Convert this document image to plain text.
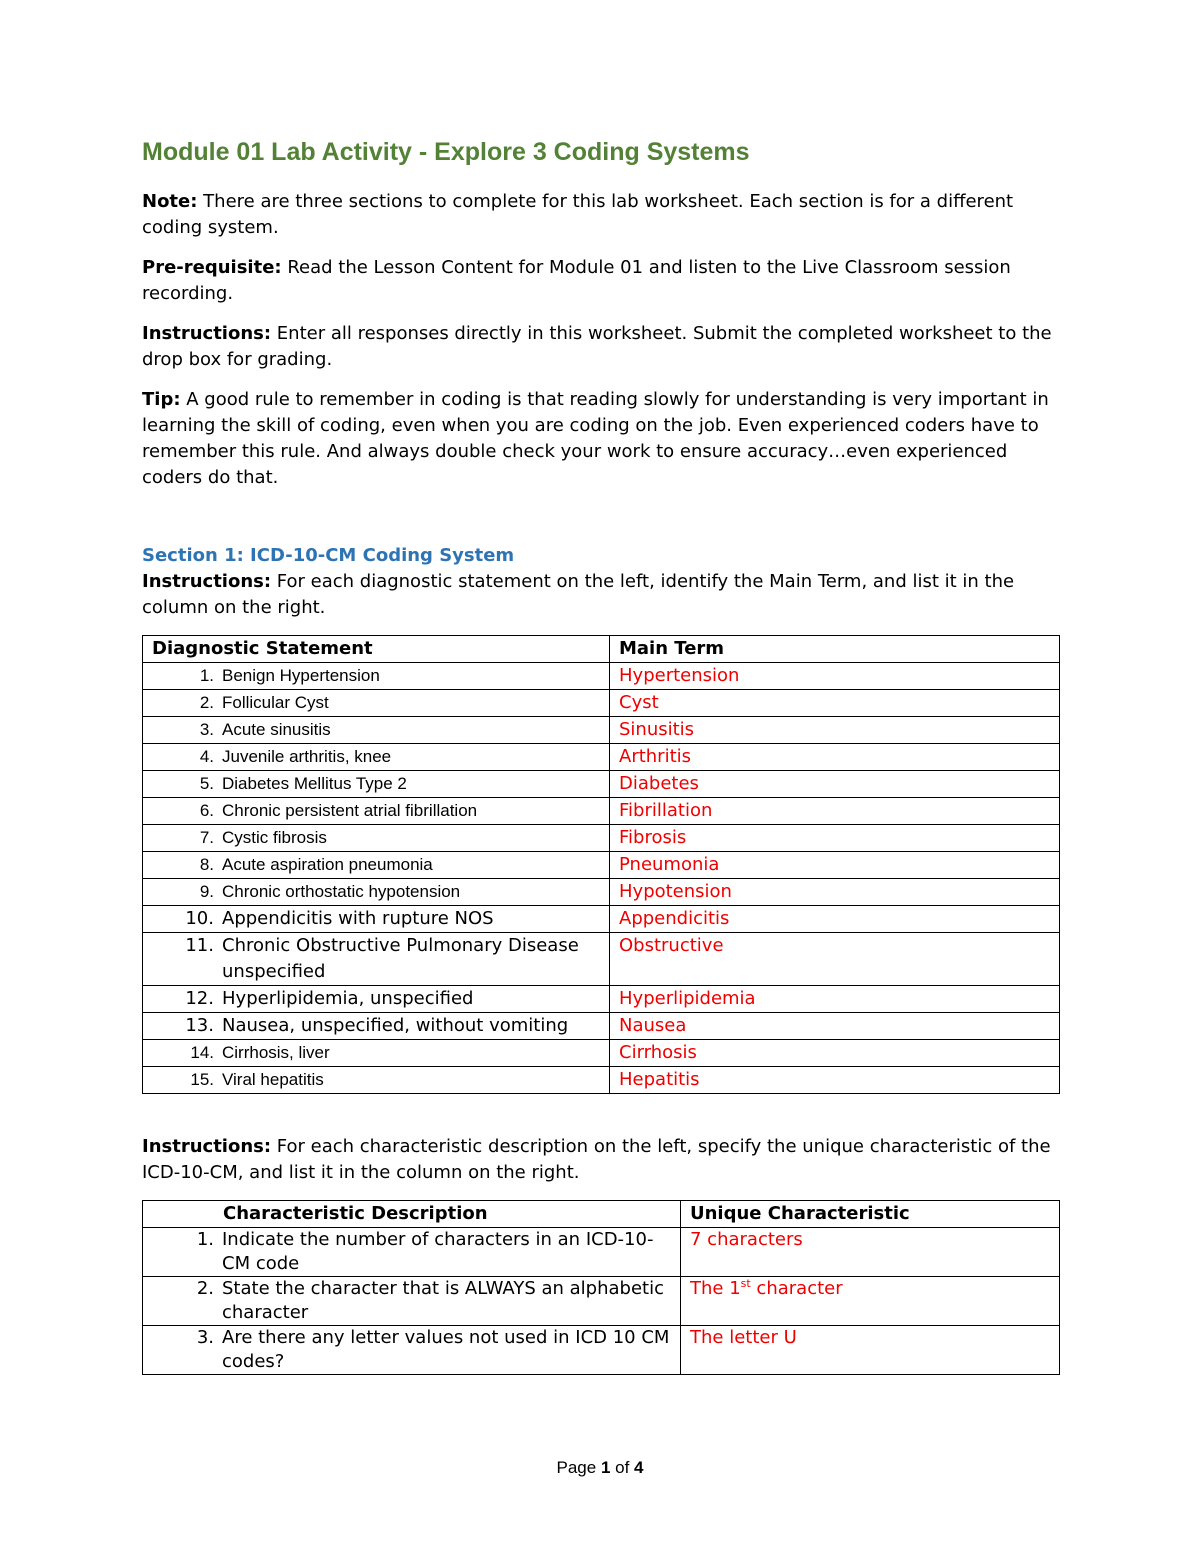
Module 01 Lab Activity - Explore 3 Coding Systems

Note: There are three sections to complete for this lab worksheet. Each section is for a different coding system.

Pre-requisite: Read the Lesson Content for Module 01 and listen to the Live Classroom session recording.

Instructions: Enter all responses directly in this worksheet. Submit the completed worksheet to the drop box for grading.

Tip: A good rule to remember in coding is that reading slowly for understanding is very important in learning the skill of coding, even when you are coding on the job. Even experienced coders have to remember this rule. And always double check your work to ensure accuracy…even experienced coders do that.

Section 1: ICD-10-CM Coding System

Instructions: For each diagnostic statement on the left, identify the Main Term, and list it in the column on the right.

Diagnostic Statement	Main Term

1. Benign Hypertension	Hypertension

2. Follicular Cyst	Cyst

3. Acute sinusitis	Sinusitis

4. Juvenile arthritis, knee	Arthritis

5. Diabetes Mellitus Type 2	Diabetes

6. Chronic persistent atrial fibrillation	Fibrillation

7. Cystic fibrosis	Fibrosis

8. Acute aspiration pneumonia	Pneumonia

9. Chronic orthostatic hypotension	Hypotension

10. Appendicitis with rupture NOS	Appendicitis

11. Chronic Obstructive Pulmonary Disease unspecified	Obstructive

12. Hyperlipidemia, unspecified	Hyperlipidemia

13. Nausea, unspecified, without vomiting	Nausea

14. Cirrhosis, liver	Cirrhosis

15. Viral hepatitis	Hepatitis

Instructions: For each characteristic description on the left, specify the unique characteristic of the ICD-10-CM, and list it in the column on the right.

Characteristic Description	Unique Characteristic

1. Indicate the number of characters in an ICD-10-CM code	7 characters

2. State the character that is ALWAYS an alphabetic character	The 1st character

3. Are there any letter values not used in ICD 10 CM codes?	The letter U
Page 1 of 4
